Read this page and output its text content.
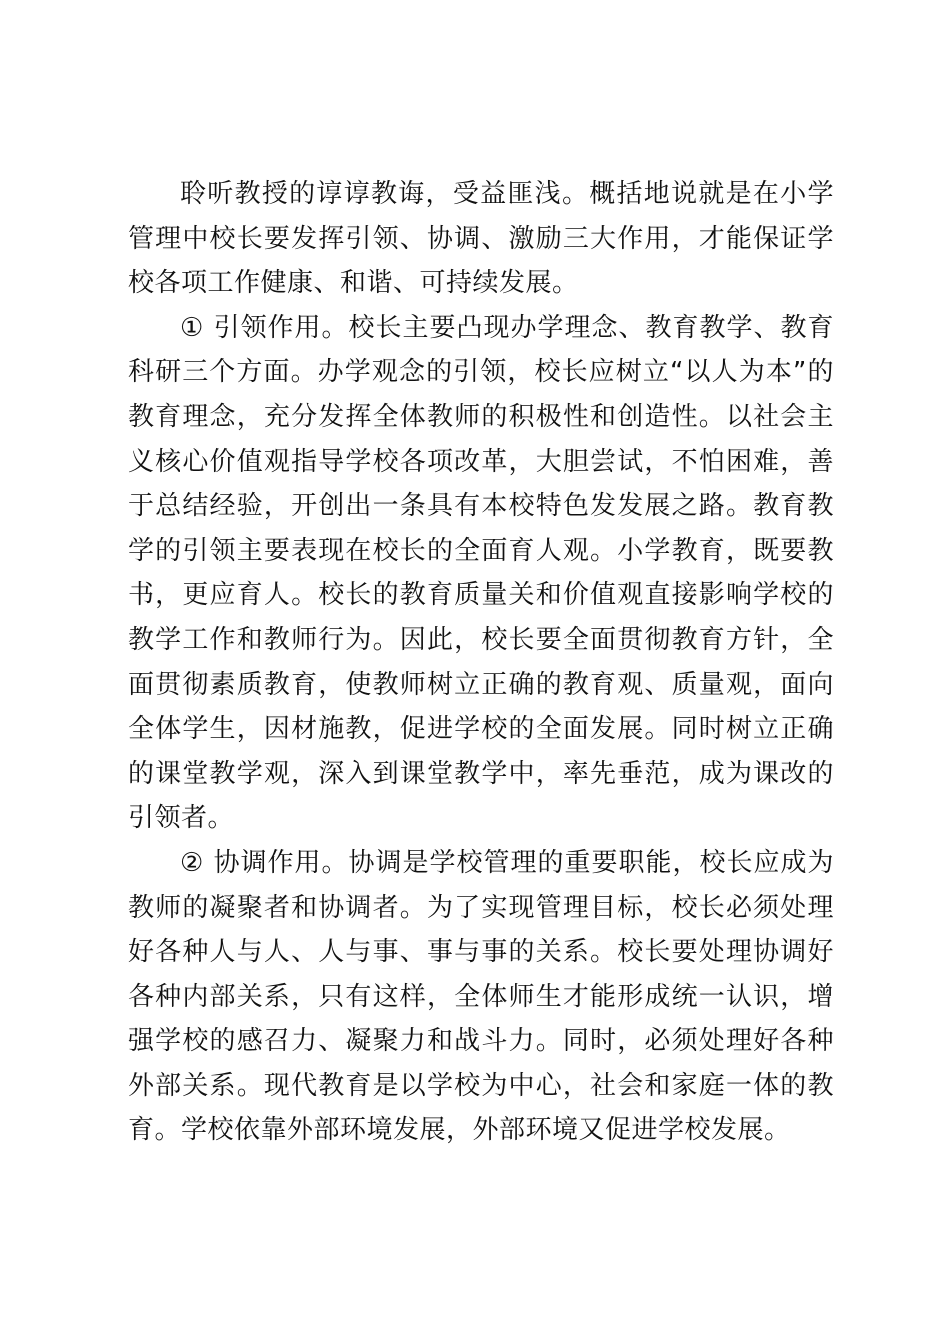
聆听教授的谆谆教诲，受益匪浅。概括地说就是在小学管理中校长要发挥引领、协调、激励三大作用，才能保证学校各项工作健康、和谐、可持续发展。

① 引领作用。校长主要凸现办学理念、教育教学、教育科研三个方面。办学观念的引领，校长应树立“以人为本”的教育理念，充分发挥全体教师的积极性和创造性。以社会主义核心价值观指导学校各项改革，大胆尝试，不怕困难，善于总结经验，开创出一条具有本校特色发发展之路。教育教学的引领主要表现在校长的全面育人观。小学教育，既要教书，更应育人。校长的教育质量关和价值观直接影响学校的教学工作和教师行为。因此，校长要全面贯彻教育方针，全面贯彻素质教育，使教师树立正确的教育观、质量观，面向全体学生，因材施教，促进学校的全面发展。同时树立正确的课堂教学观，深入到课堂教学中，率先垂范，成为课改的引领者。

② 协调作用。协调是学校管理的重要职能，校长应成为教师的凝聚者和协调者。为了实现管理目标，校长必须处理好各种人与人、人与事、事与事的关系。校长要处理协调好各种内部关系，只有这样，全体师生才能形成统一认识，增强学校的感召力、凝聚力和战斗力。同时，必须处理好各种外部关系。现代教育是以学校为中心，社会和家庭一体的教育。学校依靠外部环境发展，外部环境又促进学校发展。
